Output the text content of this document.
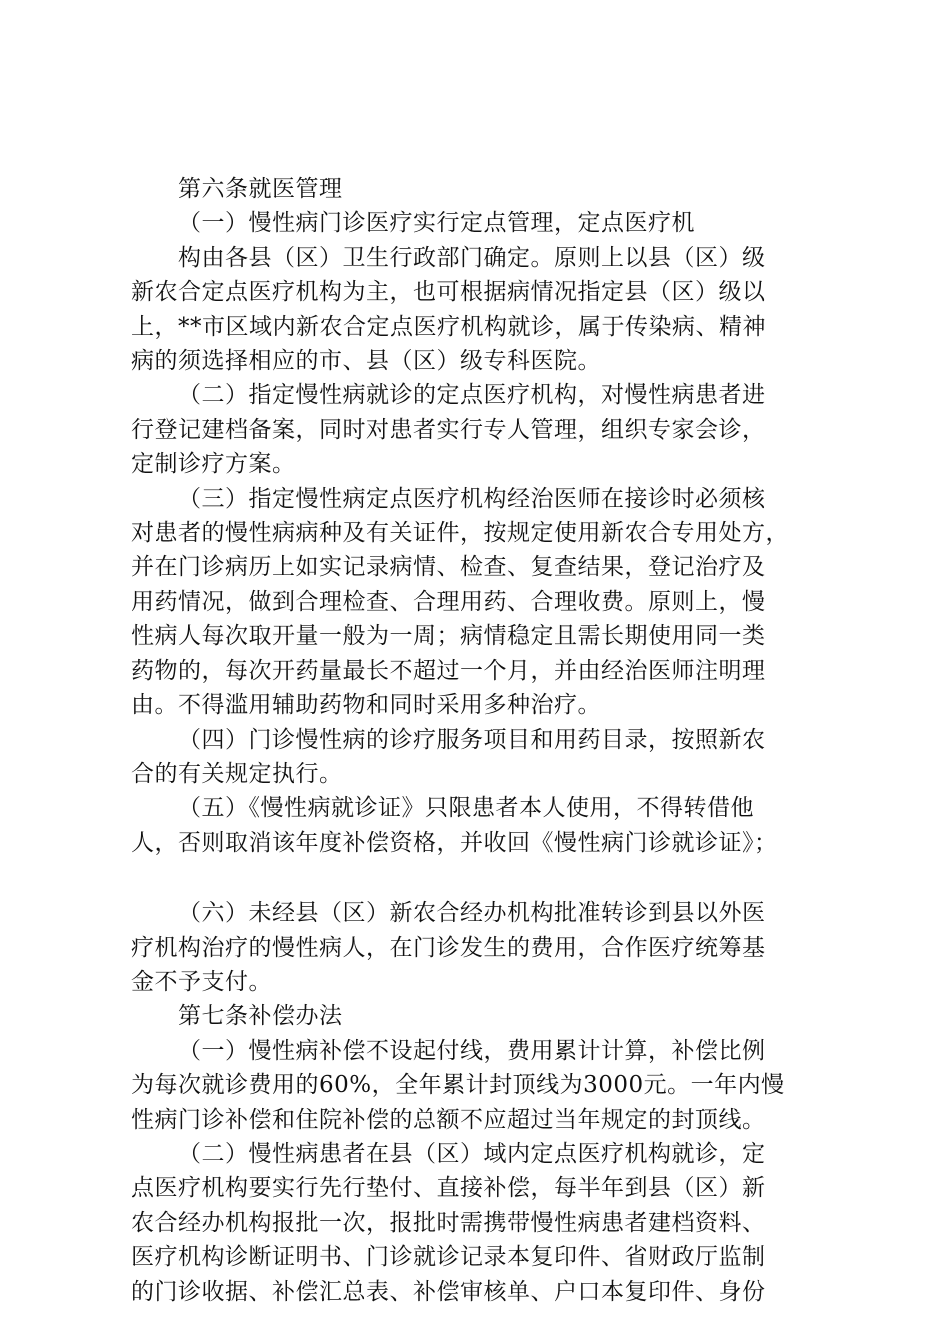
第六条就医管理

（一）慢性病门诊医疗实行定点管理，定点医疗机

构由各县（区）卫生行政部门确定。原则上以县（区）级

新农合定点医疗机构为主，也可根据病情况指定县（区）级以

上，**市区域内新农合定点医疗机构就诊，属于传染病、精神

病的须选择相应的市、县（区）级专科医院。

（二）指定慢性病就诊的定点医疗机构，对慢性病患者进

行登记建档备案，同时对患者实行专人管理，组织专家会诊，

定制诊疗方案。

（三）指定慢性病定点医疗机构经治医师在接诊时必须核

对患者的慢性病病种及有关证件，按规定使用新农合专用处方，

并在门诊病历上如实记录病情、检查、复查结果，登记治疗及

用药情况，做到合理检查、合理用药、合理收费。原则上，慢

性病人每次取开量一般为一周；病情稳定且需长期使用同一类

药物的，每次开药量最长不超过一个月，并由经治医师注明理

由。不得滥用辅助药物和同时采用多种治疗。

（四）门诊慢性病的诊疗服务项目和用药目录，按照新农

合的有关规定执行。

（五）《慢性病就诊证》只限患者本人使用，不得转借他

人，否则取消该年度补偿资格，并收回《慢性病门诊就诊证》；

（六）未经县（区）新农合经办机构批准转诊到县以外医

疗机构治疗的慢性病人，在门诊发生的费用，合作医疗统筹基

金不予支付。

第七条补偿办法

（一）慢性病补偿不设起付线，费用累计计算，补偿比例

为每次就诊费用的60%，全年累计封顶线为3000元。一年内慢

性病门诊补偿和住院补偿的总额不应超过当年规定的封顶线。

（二）慢性病患者在县（区）域内定点医疗机构就诊，定

点医疗机构要实行先行垫付、直接补偿，每半年到县（区）新

农合经办机构报批一次，报批时需携带慢性病患者建档资料、

医疗机构诊断证明书、门诊就诊记录本复印件、省财政厅监制

的门诊收据、补偿汇总表、补偿审核单、户口本复印件、身份
